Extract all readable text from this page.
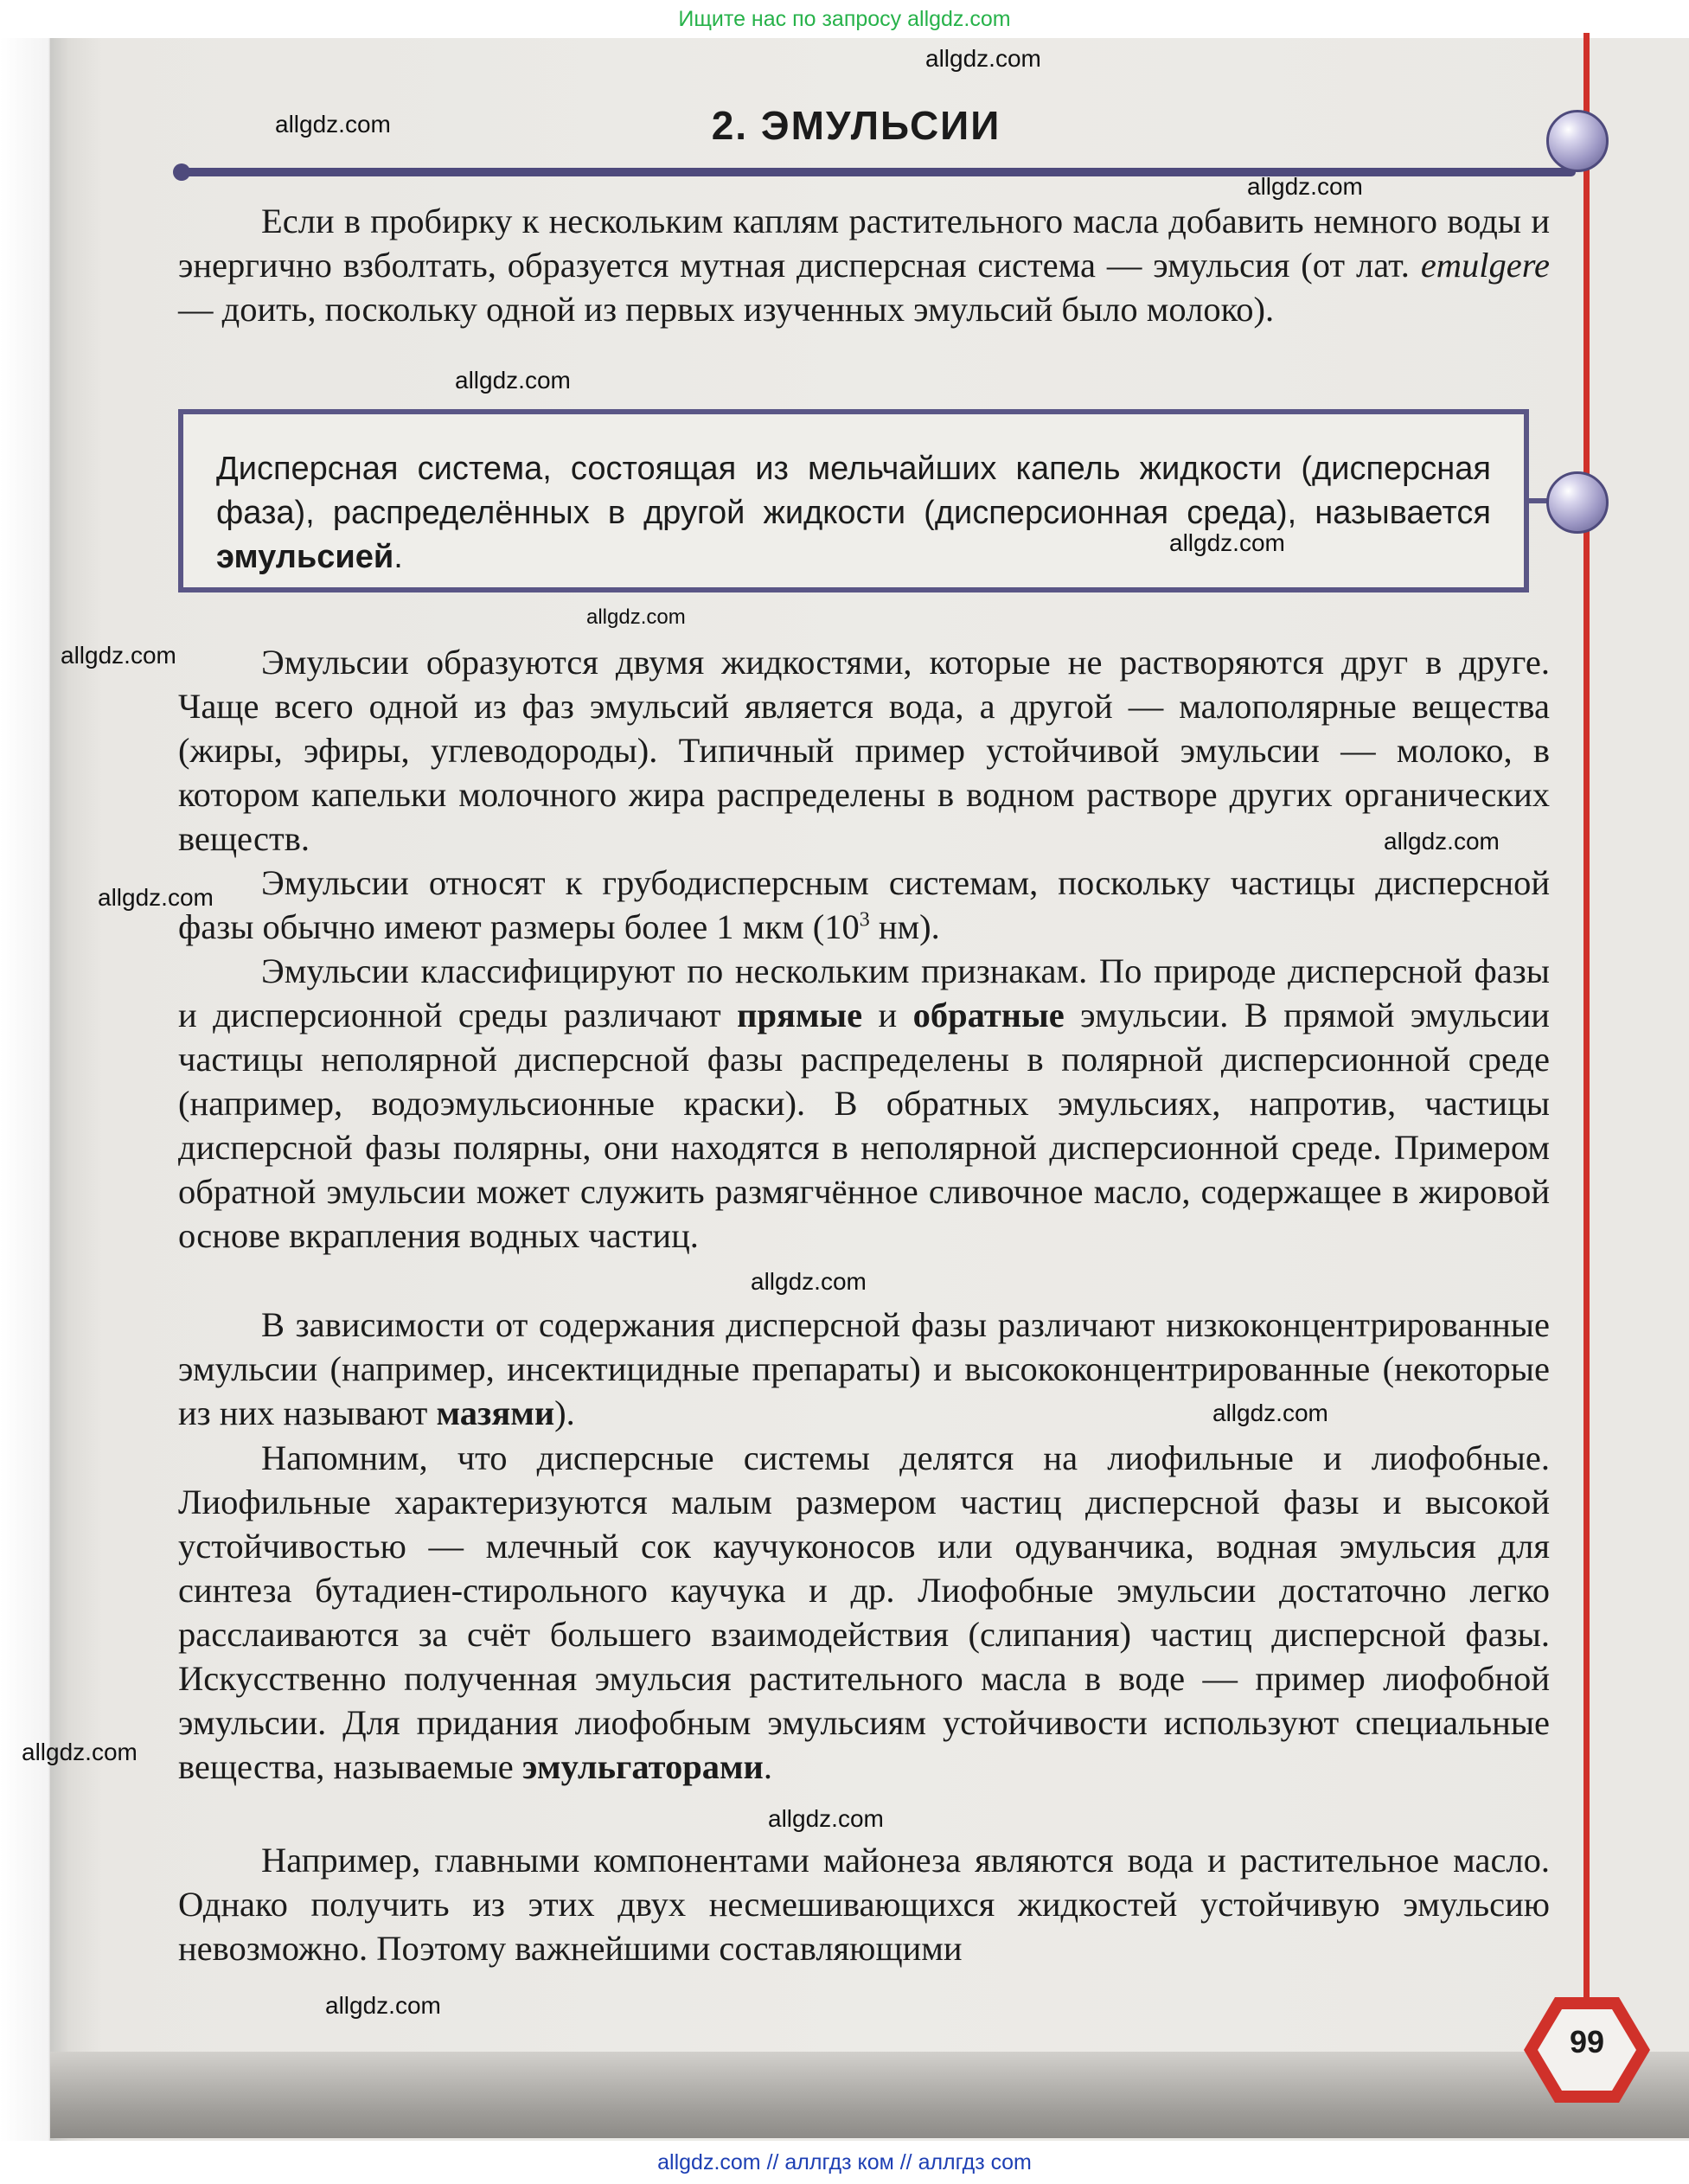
Ищите нас по запросу allgdz.com
2. ЭМУЛЬСИИ

Если в пробирку к нескольким каплям растительного масла добавить немного воды и энергично взболтать, образуется мутная дисперсная система — эмульсия (от лат. emulgere — доить, поскольку одной из первых изученных эмульсий было молоко).

Дисперсная система, состоящая из мельчайших капель жидкости (дисперсная фаза), распределённых в другой жидкости (дисперсионная среда), называется эмульсией.

Эмульсии образуются двумя жидкостями, которые не растворяются друг в друге. Чаще всего одной из фаз эмульсий является вода, а другой — малополярные вещества (жиры, эфиры, углеводороды). Типичный пример устойчивой эмульсии — молоко, в котором капельки молочного жира распределены в водном растворе других органических веществ.

Эмульсии относят к грубодисперсным системам, поскольку частицы дисперсной фазы обычно имеют размеры более 1 мкм ($10^3$ нм).

Эмульсии классифицируют по нескольким признакам. По природе дисперсной фазы и дисперсионной среды различают прямые и обратные эмульсии. В прямой эмульсии частицы неполярной дисперсной фазы распределены в полярной дисперсионной среде (например, водоэмульсионные краски). В обратных эмульсиях, напротив, частицы дисперсной фазы полярны, они находятся в неполярной дисперсионной среде. Примером обратной эмульсии может служить размягчённое сливочное масло, содержащее в жировой основе вкрапления водных частиц.

В зависимости от содержания дисперсной фазы различают низкоконцентрированные эмульсии (например, инсектицидные препараты) и высококонцентрированные (некоторые из них называют мазями).

Напомним, что дисперсные системы делятся на лиофильные и лиофобные. Лиофильные характеризуются малым размером частиц дисперсной фазы и высокой устойчивостью — млечный сок каучуконосов или одуванчика, водная эмульсия для синтеза бутадиен-стирольного каучука и др. Лиофобные эмульсии достаточно легко расслаиваются за счёт большего взаимодействия (слипания) частиц дисперсной фазы. Искусственно полученная эмульсия растительного масла в воде — пример лиофобной эмульсии. Для придания лиофобным эмульсиям устойчивости используют специальные вещества, называемые эмульгаторами.

Например, главными компонентами майонеза являются вода и растительное масло. Однако получить из этих двух несмешивающихся жидкостей устойчивую эмульсию невозможно. Поэтому важнейшими составляющими

99
allgdz.com
allgdz.com
allgdz.com
allgdz.com
allgdz.com
allgdz.com
allgdz.com
allgdz.com
allgdz.com
allgdz.com
allgdz.com
allgdz.com
allgdz.com
allgdz.com
allgdz.com // аллгдз ком // аллгдз com
